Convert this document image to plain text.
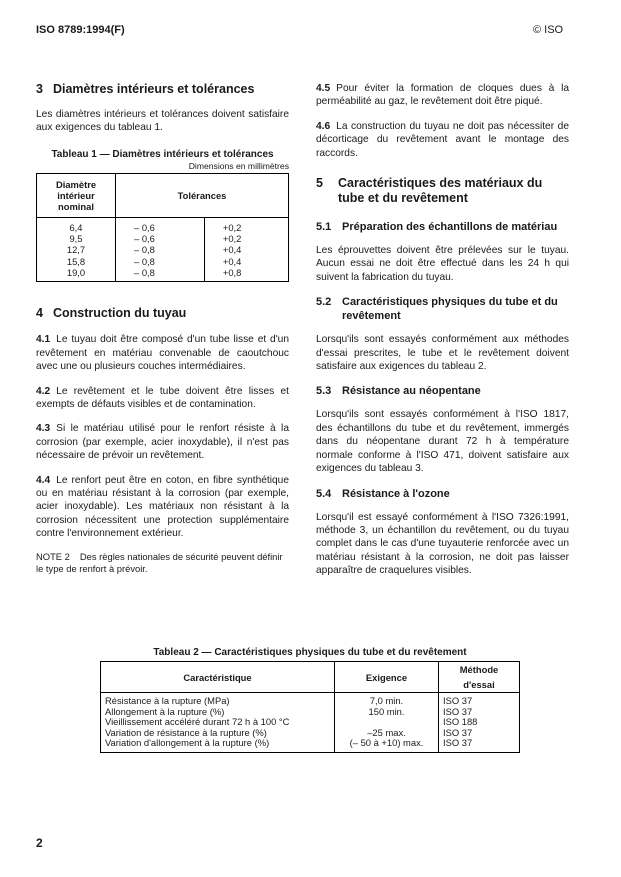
ISO 8789:1994(F)	© ISO
3 Diamètres intérieurs et tolérances

Les diamètres intérieurs et tolérances doivent satisfaire aux exigences du tableau 1.

Tableau 1 — Diamètres intérieurs et tolérances
Dimensions en millimètres
Diamètre intérieur nominal	Tolérances	
6,4	– 0,6	+0,2
9,5	– 0,6	+0,2
12,7	– 0,8	+0,4
15,8	– 0,8	+0,4
19,0	– 0,8	+0,8
4 Construction du tuyau

4.1 Le tuyau doit être composé d'un tube lisse et d'un revêtement en matériau convenable de caoutchouc avec une ou plusieurs couches intermédiaires.

4.2 Le revêtement et le tube doivent être lisses et exempts de défauts visibles et de contamination.

4.3 Si le matériau utilisé pour le renfort résiste à la corrosion (par exemple, acier inoxydable), il n'est pas nécessaire de prévoir un revêtement.

4.4 Le renfort peut être en coton, en fibre synthétique ou en matériau résistant à la corrosion (par exemple, acier inoxydable). Les matériaux non résistant à la corrosion nécessitent une protection supplémentaire contre l'environnement extérieur.

NOTE 2 Des règles nationales de sécurité peuvent définir le type de renfort à prévoir.

4.5 Pour éviter la formation de cloques dues à la perméabilité au gaz, le revêtement doit être piqué.

4.6 La construction du tuyau ne doit pas nécessiter de décorticage du revêtement avant le montage des raccords.

5	Caractéristiques des matériaux du tube et du revêtement
5.1 Préparation des échantillons de matériau

Les éprouvettes doivent être prélevées sur le tuyau. Aucun essai ne doit être effectué dans les 24 h qui suivent la fabrication du tuyau.

5.2 Caractéristiques physiques du tube et du revêtement

Lorsqu'ils sont essayés conformément aux méthodes d'essai prescrites, le tube et le revêtement doivent satisfaire aux exigences du tableau 2.

5.3 Résistance au néopentane

Lorsqu'ils sont essayés conformément à l'ISO 1817, des échantillons du tube et du revêtement, immergés dans du néopentane durant 72 h à température normale conforme à l'ISO 471, doivent satisfaire aux exigences du tableau 3.

5.4 Résistance à l'ozone

Lorsqu'il est essayé conformément à l'ISO 7326:1991, méthode 3, un échantillon du revêtement, ou du tuyau complet dans le cas d'une tuyauterie renforcée avec un matériau résistant à la corrosion, ne doit pas laisser apparaître de craquelures visibles.

Tableau 2 — Caractéristiques physiques du tube et du revêtement
Caractéristique	Exigence	Méthode d'essai
Résistance à la rupture (MPa)	7,0 min.	ISO 37
Allongement à la rupture (%)	150 min.	ISO 37
Vieillissement accéléré durant 72 h à 100 °C		ISO 188
Variation de résistance à la rupture (%)	–25 max.	ISO 37
Variation d'allongement à la rupture (%)	(– 50 à +10) max.	ISO 37
2
